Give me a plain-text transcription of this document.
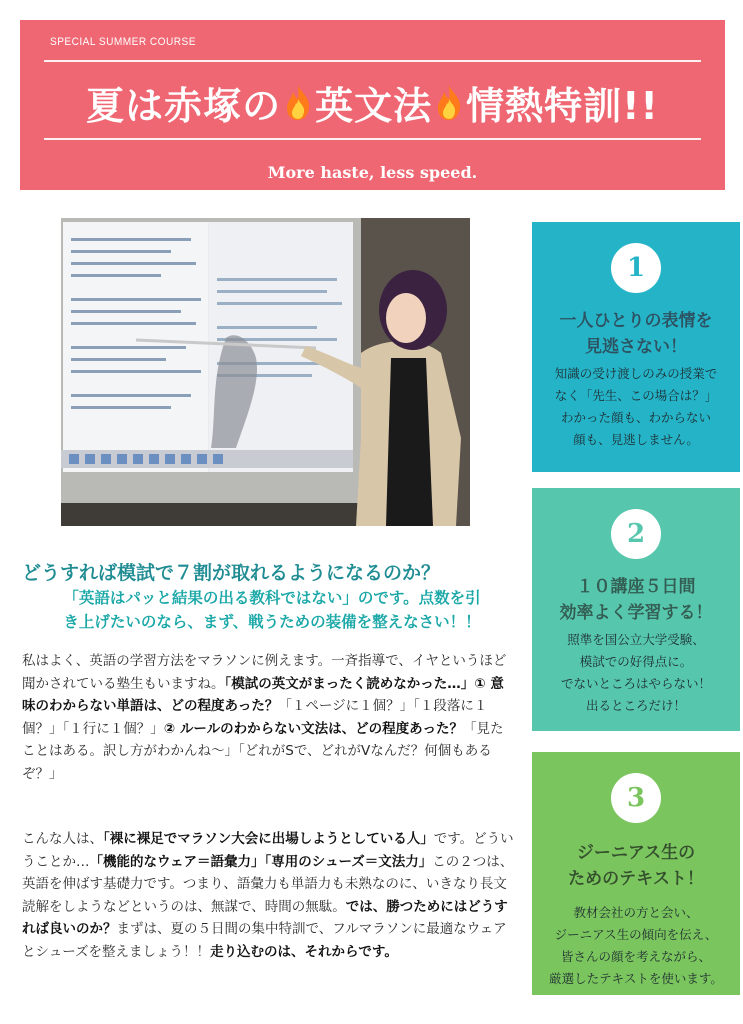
SPECIAL SUMMER COURSE
夏は赤塚の 英文法 情熱特訓!!
More haste, less speed.
どうすれば模試で７割が取れるようになるのか？
「英語はパッと結果の出る教科ではない」のです。点数を引
き上げたいのなら、まず、戦うための装備を整えなさい！！

私はよく、英語の学習方法をマラソンに例えます。一斉指導で、イヤというほど聞かされている塾生もいますね。「模試の英文がまったく読めなかった…」① 意味のわからない単語は、どの程度あった？「１ページに１個？」「１段落に１個？」「１行に１個？」② ルールのわからない文法は、どの程度あった？「見たことはある。訳し方がわかんね〜」「どれがSで、どれがVなんだ？何個もあるぞ？」

こんな人は、「裸に裸足でマラソン大会に出場しようとしている人」です。どういうことか…「機能的なウェア＝語彙力」「専用のシューズ＝文法力」この２つは、英語を伸ばす基礎力です。つまり、語彙力も単語力も未熟なのに、いきなり長文読解をしようなどというのは、無謀で、時間の無駄。では、勝つためにはどうすれば良いのか？まずは、夏の５日間の集中特訓で、フルマラソンに最適なウェアとシューズを整えましょう！！走り込むのは、それからです。

1
一人ひとりの表情を
見逃さない！
知識の受け渡しのみの授業で
なく「先生、この場合は？」
わかった顔も、わからない
顔も、見逃しません。
2
１０講座５日間
効率よく学習する！
照準を国公立大学受験、
模試での好得点に。
でないところはやらない！
出るところだけ！
3
ジーニアス生の
ためのテキスト！
教材会社の方と会い、
ジーニアス生の傾向を伝え、
皆さんの顔を考えながら、
厳選したテキストを使います。
